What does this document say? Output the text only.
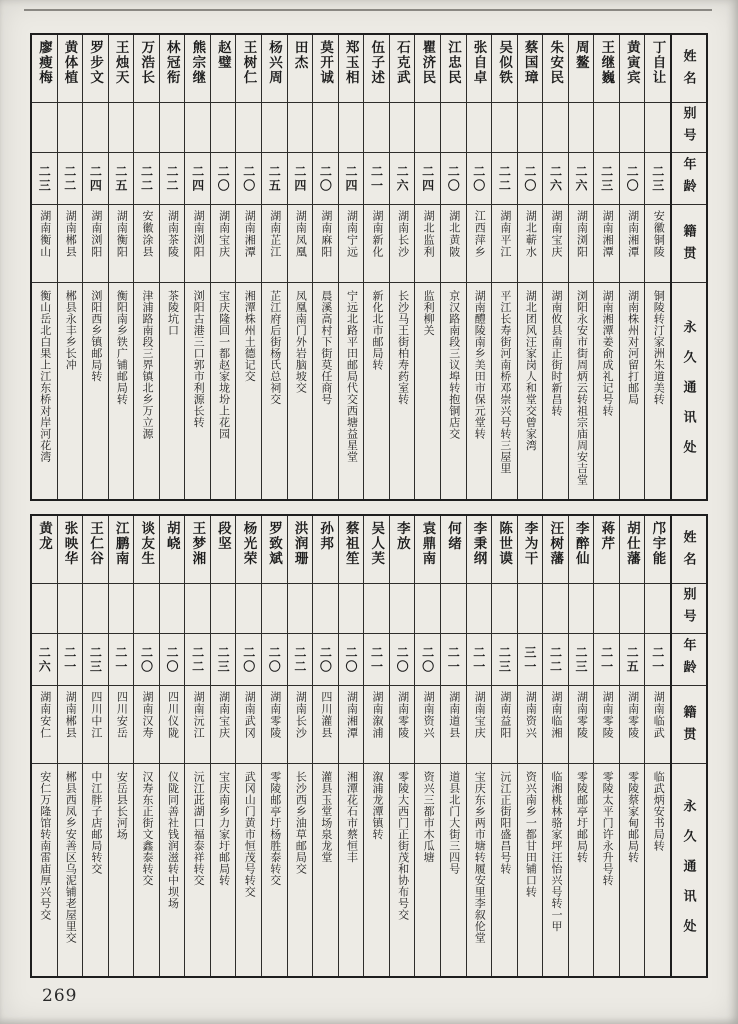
姓名
别号
年龄
籍贯
永久通讯处
丁自让
二三
安徽铜陵
铜陵转汀家洲朱道美转
黄寅宾
二〇
湖南湘潭
湖南株州对河留打邮局
王继巍
二三
湖南湘潭
湖南湘潭姜俞成礼记号转
周鳌
二六
湖南浏阳
浏阳永安市街周炳云转祖宗庙周安吉堂
朱安民
二六
湖南宝庆
湖南攸县南正街时新昌转
蔡国璋
二〇
湖北蕲水
湖北团风汪家岗人和堂交曾家湾
吴似铁
二二
湖南平江
平江长寿街河南桥邓崇兴号转三屋里
张自卓
二〇
江西萍乡
湖南醴陵南乡美田市保元堂转
江忠民
二〇
湖北黄陂
京汉路南段三议埠转抱铜店交
瞿济民
二四
湖北监利
监利柳关
石克武
二六
湖南长沙
长沙马王街柏寿药室转
伍子述
二一
湖南新化
新化北市邮局转
郑玉相
二四
湖南宁远
宁远北路平田邮局代交西塘益星堂
莫开诚
二〇
湖南麻阳
晨溪高村下街莫任商号
田杰
二四
湖南凤凰
凤凰南门外岩脑坡交
杨兴周
二五
湖南芷江
芷江府后街杨氏总祠交
王树仁
二〇
湖南湘潭
湘潭株州土德记交
赵璧
二〇
湖南宝庆
宝庆隆回一都赵家垅坋上花园
熊宗继
二四
湖南浏阳
浏阳古港三口郭市利源长转
林冠衔
二二
湖南茶陵
茶陵坑口
万浩长
二二
安徽涂县
津浦路南段三界镇北乡万立源
王烛天
二五
湖南衡阳
衡阳南乡铁广铺邮局转
罗步文
二四
湖南浏阳
浏阳西乡镇邮局转
黄体植
二二
湖南郴县
郴县永丰乡长冲
廖瘦梅
二三
湖南衡山
衡山岳北白果上江东桥对岸河花湾
姓名
别号
年龄
籍贯
永久通讯处
邝宇能
二一
湖南临武
临武炳安书局转
胡仕藩
二五
湖南零陵
零陵蔡家甸邮局转
蒋芹
二一
湖南零陵
零陵太平门许永升号转
李醉仙
二三
湖南零陵
零陵邮亭圩邮局转
汪树藩
二二
湖南临湘
临湘桃林骆家坪汪怡兴号转一甲
李为干
三一
湖南资兴
资兴南乡一都甘田铺口转
陈世谟
二三
湖南益阳
沅江正街阳盛昌号转
李秉纲
二一
湖南宝庆
宝庆东乡两市塘转履安里李叙伦堂
何绪
二一
湖南道县
道县北门大街三四号
袁鼎南
二〇
湖南资兴
资兴三都市木瓜塘
李放
二〇
湖南零陵
零陵大西门正街茂和协布号交
吴人芙
二一
湖南溆浦
溆浦龙潭镇转
蔡祖笙
二〇
湖南湘潭
湘潭花石市蔡恒丰
孙邦
二〇
四川灌县
灌县玉堂场泉龙堂
洪润珊
二二
湖南长沙
长沙西乡油草邮局交
罗致斌
二〇
湖南零陵
零陵邮亭圩杨胜泰转交
杨光荣
二〇
湖南武冈
武冈山门黄市恒茂号转交
段坚
二三
湖南宝庆
宝庆南乡力家圩邮局转
王梦湘
二二
湖南沅江
沅江茈湖口福泰祥转交
胡峣
二〇
四川仪陇
仪陇同善社钱润滋转中坝场
谈友生
二〇
湖南汉寿
汉寿东正街文鑫泰转交
江鹏南
二一
四川安岳
安岳县长河场
王仁谷
二三
四川中江
中江胖子店邮局转交
张映华
二一
湖南郴县
郴县西凤乡安善区乌泥铺老屋里交
黄龙
二六
湖南安仁
安仁万隆馆转南雷庙厚兴号交
269
